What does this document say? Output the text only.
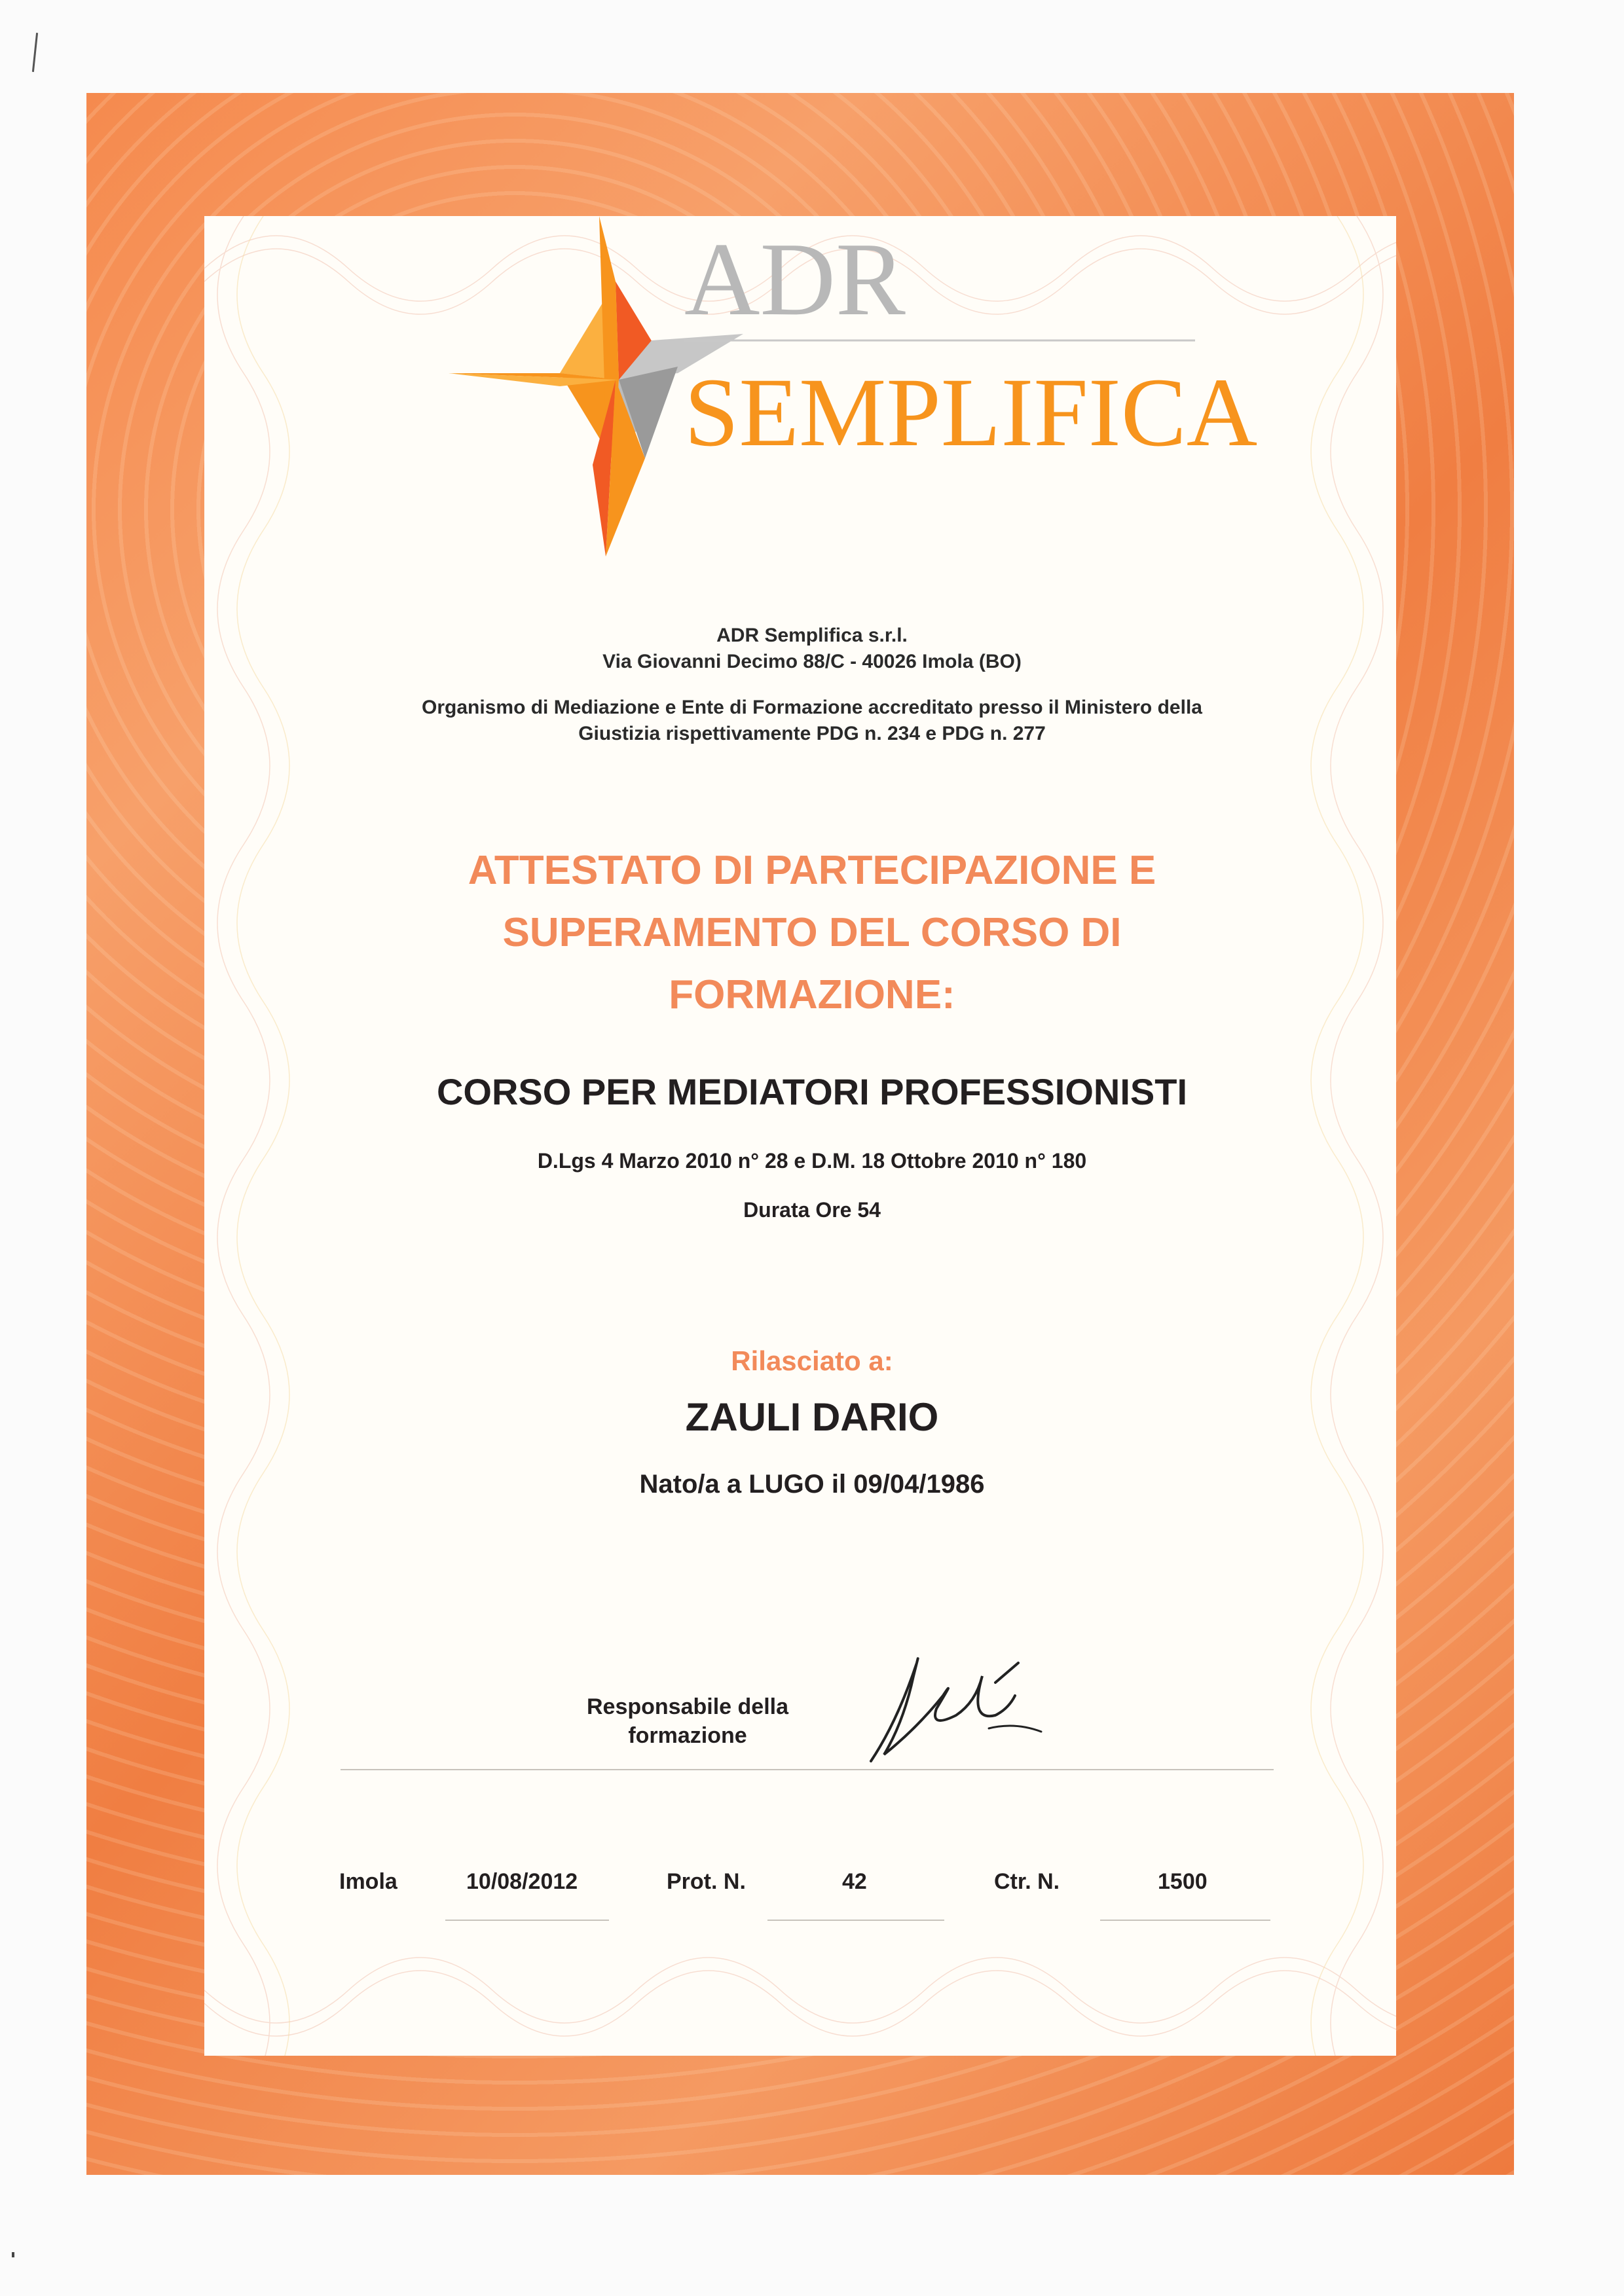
ADR
SEMPLIFICA
ADR Semplifica s.r.l.
Via Giovanni Decimo 88/C - 40026 Imola (BO)
Organismo di Mediazione e Ente di Formazione accreditato presso il Ministero della
Giustizia rispettivamente PDG n. 234 e PDG n. 277
ATTESTATO DI PARTECIPAZIONE E
SUPERAMENTO DEL CORSO DI
FORMAZIONE:
CORSO PER MEDIATORI PROFESSIONISTI
D.Lgs 4 Marzo 2010 n° 28 e D.M. 18 Ottobre 2010 n° 180
Durata Ore 54
Rilasciato a:
ZAULI DARIO
Nato/a a LUGO il 09/04/1986
Responsabile della
formazione
Imola	10/08/2012	Prot. N.	42	Ctr. N.	1500
